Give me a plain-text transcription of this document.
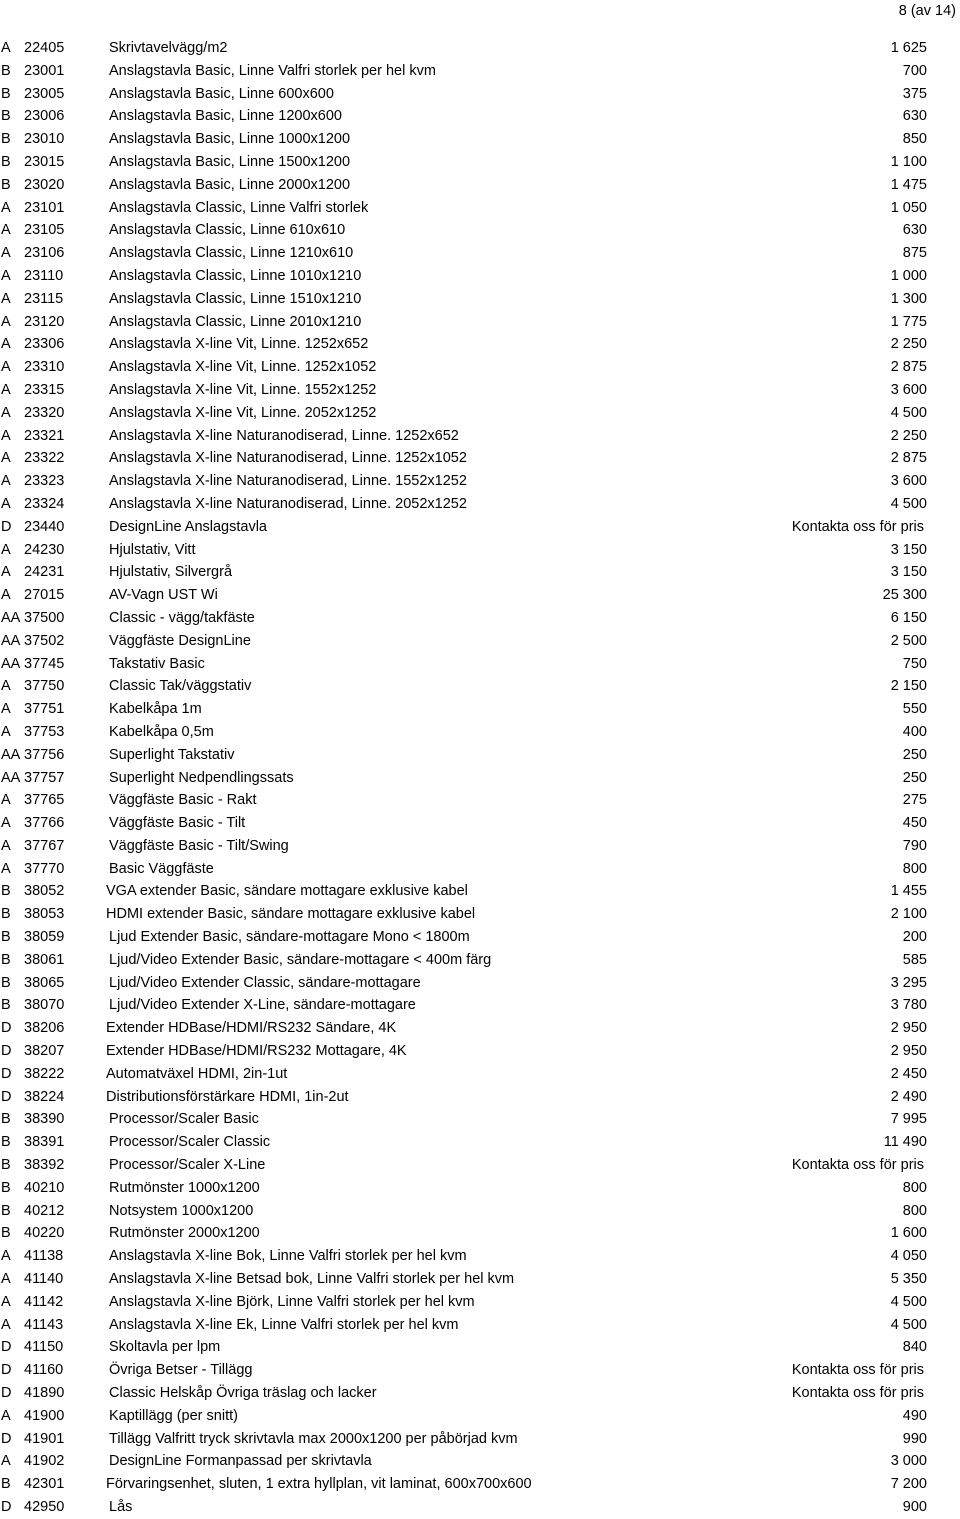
8 (av 14)
A 22405	Skrivtavelvägg/m2	1 625
B 23001	Anslagstavla Basic, Linne Valfri storlek per hel kvm	700
B 23005	Anslagstavla Basic, Linne 600x600	375
B 23006	Anslagstavla Basic, Linne 1200x600	630
B 23010	Anslagstavla Basic, Linne 1000x1200	850
B 23015	Anslagstavla Basic, Linne 1500x1200	1 100
B 23020	Anslagstavla Basic, Linne 2000x1200	1 475
A 23101	Anslagstavla Classic, Linne Valfri storlek	1 050
A 23105	Anslagstavla Classic, Linne 610x610	630
A 23106	Anslagstavla Classic, Linne 1210x610	875
A 23110	Anslagstavla Classic, Linne 1010x1210	1 000
A 23115	Anslagstavla Classic, Linne 1510x1210	1 300
A 23120	Anslagstavla Classic, Linne 2010x1210	1 775
A 23306	Anslagstavla X-line Vit, Linne. 1252x652	2 250
A 23310	Anslagstavla X-line Vit, Linne. 1252x1052	2 875
A 23315	Anslagstavla X-line Vit, Linne. 1552x1252	3 600
A 23320	Anslagstavla X-line Vit, Linne. 2052x1252	4 500
A 23321	Anslagstavla X-line Naturanodiserad, Linne. 1252x652	2 250
A 23322	Anslagstavla X-line Naturanodiserad, Linne. 1252x1052	2 875
A 23323	Anslagstavla X-line Naturanodiserad, Linne. 1552x1252	3 600
A 23324	Anslagstavla X-line Naturanodiserad, Linne. 2052x1252	4 500
D 23440	DesignLine Anslagstavla	Kontakta oss för pris
A 24230	Hjulstativ, Vitt	3 150
A 24231	Hjulstativ, Silvergrå	3 150
A 27015	AV-Vagn UST Wi	25 300
AA 37500	Classic - vägg/takfäste	6 150
AA 37502	Väggfäste DesignLine	2 500
AA 37745	Takstativ Basic	750
A 37750	Classic Tak/väggstativ	2 150
A 37751	Kabelkåpa 1m	550
A 37753	Kabelkåpa 0,5m	400
AA 37756	Superlight Takstativ	250
AA 37757	Superlight Nedpendlingssats	250
A 37765	Väggfäste Basic - Rakt	275
A 37766	Väggfäste Basic - Tilt	450
A 37767	Väggfäste Basic - Tilt/Swing	790
A 37770	Basic Väggfäste	800
B 38052	VGA extender Basic, sändare mottagare exklusive kabel	1 455
B 38053	HDMI extender Basic, sändare mottagare exklusive kabel	2 100
B 38059	Ljud Extender Basic, sändare-mottagare Mono < 1800m	200
B 38061	Ljud/Video Extender Basic, sändare-mottagare < 400m färg	585
B 38065	Ljud/Video Extender Classic, sändare-mottagare	3 295
B 38070	Ljud/Video Extender X-Line, sändare-mottagare	3 780
D 38206	Extender HDBase/HDMI/RS232 Sändare, 4K	2 950
D 38207	Extender HDBase/HDMI/RS232 Mottagare, 4K	2 950
D 38222	Automatväxel HDMI, 2in-1ut	2 450
D 38224	Distributionsförstärkare HDMI, 1in-2ut	2 490
B 38390	Processor/Scaler Basic	7 995
B 38391	Processor/Scaler Classic	11 490
B 38392	Processor/Scaler X-Line	Kontakta oss för pris
B 40210	Rutmönster 1000x1200	800
B 40212	Notsystem 1000x1200	800
B 40220	Rutmönster 2000x1200	1 600
A 41138	Anslagstavla X-line Bok, Linne Valfri storlek per hel kvm	4 050
A 41140	Anslagstavla X-line Betsad bok, Linne Valfri storlek per hel kvm	5 350
A 41142	Anslagstavla X-line Björk, Linne Valfri storlek per hel kvm	4 500
A 41143	Anslagstavla X-line Ek, Linne Valfri storlek per hel kvm	4 500
D 41150	Skoltavla per lpm	840
D 41160	Övriga Betser - Tillägg	Kontakta oss för pris
D 41890	Classic Helskåp Övriga träslag och lacker	Kontakta oss för pris
A 41900	Kaptillägg (per snitt)	490
D 41901	Tillägg Valfritt tryck skrivtavla max 2000x1200 per påbörjad kvm	990
A 41902	DesignLine Formanpassad per skrivtavla	3 000
B 42301	Förvaringsenhet, sluten, 1 extra hyllplan, vit laminat, 600x700x600	7 200
D 42950	Lås	900
